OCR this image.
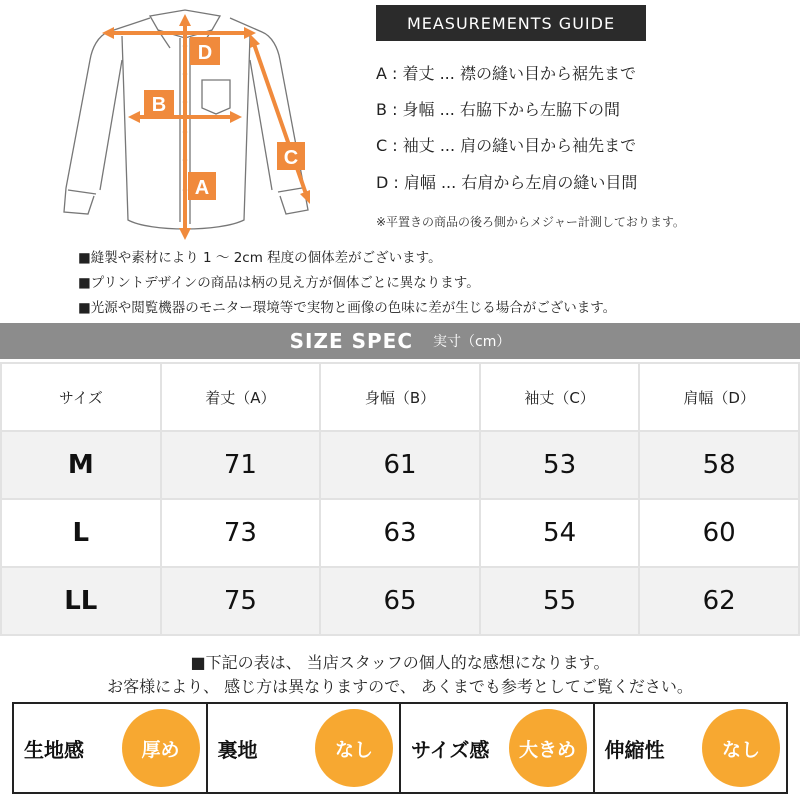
D
B
A
C
MEASUREMENTS GUIDE
A : 着丈 ... 襟の縫い目から裾先まで
B : 身幅 ... 右脇下から左脇下の間
C : 袖丈 ... 肩の縫い目から袖先まで
D : 肩幅 ... 右肩から左肩の縫い目間
※平置きの商品の後ろ側からメジャー計測しております。
■縫製や素材により 1 〜 2cm 程度の個体差がございます。
■プリントデザインの商品は柄の見え方が個体ごとに異なります。
■光源や閲覧機器のモニター環境等で実物と画像の色味に差が生じる場合がございます。
SIZE SPEC 実寸（cm）
サイズ	着丈（A）	身幅（B）	袖丈（C）	肩幅（D）
M	71	61	53	58
L	73	63	54	60
LL	75	65	55	62
■下記の表は、 当店スタッフの個人的な感想になります。
お客様により、 感じ方は異なりますので、 あくまでも参考としてご覧ください。
生地感	厚め	裏地	なし	サイズ感	大きめ	伸縮性	なし
